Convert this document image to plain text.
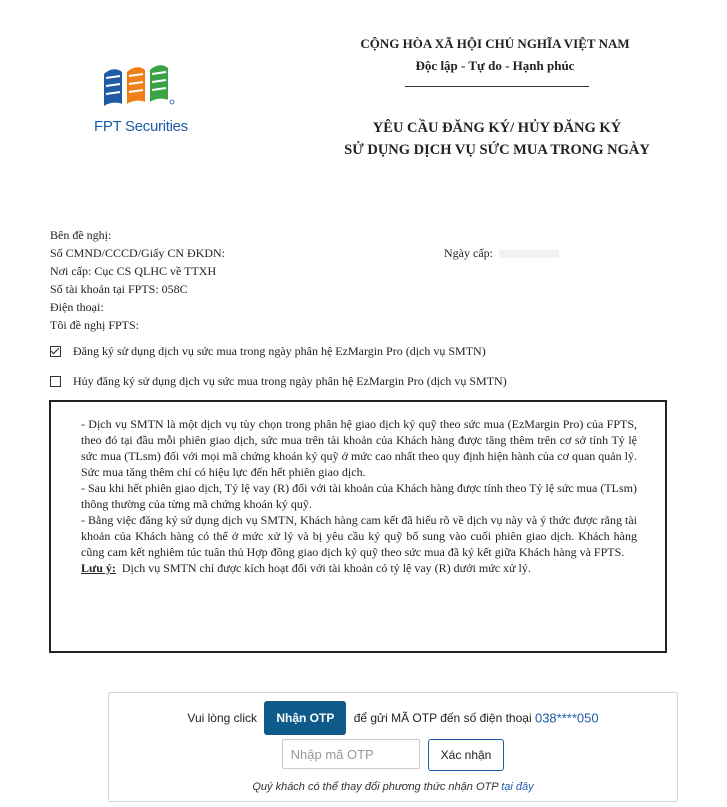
FPT Securities
CỘNG HÒA XÃ HỘI CHỦ NGHĨA VIỆT NAM
Độc lập - Tự do - Hạnh phúc
YÊU CẦU ĐĂNG KÝ/ HỦY ĐĂNG KÝ
SỬ DỤNG DỊCH VỤ SỨC MUA TRONG NGÀY
Bên đề nghị:
Số CMND/CCCD/Giấy CN ĐKDN:	Ngày cấp:
Nơi cấp: Cục CS QLHC về TTXH
Số tài khoản tại FPTS: 058C
Điện thoại:
Tôi đề nghị FPTS:
Đăng ký sử dụng dịch vụ sức mua trong ngày phân hệ EzMargin Pro (dịch vụ SMTN)
Hủy đăng ký sử dụng dịch vụ sức mua trong ngày phân hệ EzMargin Pro (dịch vụ SMTN)

- Dịch vụ SMTN là một dịch vụ tùy chọn trong phân hệ giao dịch ký quỹ theo sức mua (EzMargin Pro) của FPTS, theo đó tại đầu mỗi phiên giao dịch, sức mua trên tài khoản của Khách hàng được tăng thêm trên cơ sở tính Tỷ lệ sức mua (TLsm) đối với mọi mã chứng khoán ký quỹ ở mức cao nhất theo quy định hiện hành của cơ quan quản lý. Sức mua tăng thêm chỉ có hiệu lực đến hết phiên giao dịch.

- Sau khi hết phiên giao dịch, Tỷ lệ vay (R) đối với tài khoản của Khách hàng được tính theo Tỷ lệ sức mua (TLsm) thông thường của từng mã chứng khoán ký quỹ.

- Bằng việc đăng ký sử dụng dịch vụ SMTN, Khách hàng cam kết đã hiểu rõ về dịch vụ này và ý thức được rằng tài khoản của Khách hàng có thể ở mức xử lý và bị yêu cầu ký quỹ bổ sung vào cuối phiên giao dịch. Khách hàng cũng cam kết nghiêm túc tuân thủ Hợp đồng giao dịch ký quỹ theo sức mua đã ký kết giữa Khách hàng và FPTS.

Lưu ý: Dịch vụ SMTN chỉ được kích hoạt đối với tài khoản có tỷ lệ vay (R) dưới mức xử lý.

Vui lòng click Nhận OTP để gửi MÃ OTP đến số điện thoại 038****050
Nhập mã OTP
Xác nhận
Quý khách có thể thay đổi phương thức nhận OTP tại đây
